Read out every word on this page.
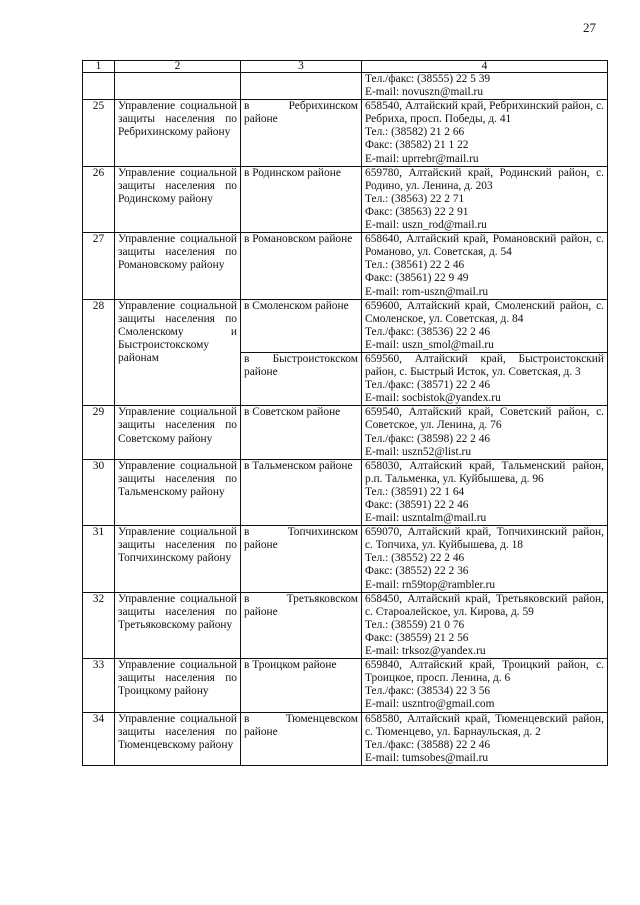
27
1	2	3	4

			Тел./факс: (38555) 22 5 39
E-mail: novuszn@mail.ru

25	Управление социальной защиты населения по Ребрихинскому району	в Ребрихинском районе	658540, Алтайский край, Ребрихинский район, с. Ребриха, просп. Победы, д. 41
Тел.: (38582) 21 2 66
Факс: (38582) 21 1 22
E-mail: uprrebr@mail.ru

26	Управление социальной защиты населения по Родинскому району	в Родинском районе	659780, Алтайский край, Родинский район, с. Родино, ул. Ленина, д. 203
Тел.: (38563) 22 2 71
Факс: (38563) 22 2 91
E-mail: uszn_rod@mail.ru

27	Управление социальной защиты населения по Романовскому району	в Романовском районе	658640, Алтайский край, Романовский район, с. Романово, ул. Советская, д. 54
Тел.: (38561) 22 2 46
Факс: (38561) 22 9 49
E-mail: rom-uszn@mail.ru

28	Управление социальной защиты населения по Смоленскому и Быстроистокскому районам	в Смоленском районе	659600, Алтайский край, Смоленский район, с. Смоленское, ул. Советская, д. 84
Тел./факс: (38536) 22 2 46
E-mail: uszn_smol@mail.ru

		в Быстроистокском районе	659560, Алтайский край, Быстроистокский район, с. Быстрый Исток, ул. Советская, д. 3
Тел./факс: (38571) 22 2 46
E-mail: socbistok@yandex.ru

29	Управление социальной защиты населения по Советскому району	в Советском районе	659540, Алтайский край, Советский район, с. Советское, ул. Ленина, д. 76
Тел./факс: (38598) 22 2 46
E-mail: uszn52@list.ru

30	Управление социальной защиты населения по Тальменскому району	в Тальменском районе	658030, Алтайский край, Тальменский район, р.п. Тальменка, ул. Куйбышева, д. 96
Тел.: (38591) 22 1 64
Факс: (38591) 22 2 46
E-mail: uszntalm@mail.ru

31	Управление социальной защиты населения по Топчихинскому району	в Топчихинском районе	659070, Алтайский край, Топчихинский район, с. Топчиха, ул. Куйбышева, д. 18
Тел.: (38552) 22 2 46
Факс: (38552) 22 2 36
E-mail: rn59top@rambler.ru

32	Управление социальной защиты населения по Третьяковскому району	в Третьяковском районе	658450, Алтайский край, Третьяковский район, с. Староалейское, ул. Кирова, д. 59
Тел.: (38559) 21 0 76
Факс: (38559) 21 2 56
E-mail: trksoz@yandex.ru

33	Управление социальной защиты населения по Троицкому району	в Троицком районе	659840, Алтайский край, Троицкий район, с. Троицкое, просп. Ленина, д. 6
Тел./факс: (38534) 22 3 56
E-mail: uszntro@gmail.com

34	Управление социальной защиты населения по Тюменцевскому району	в Тюменцевском районе	658580, Алтайский край, Тюменцевский район, с. Тюменцево, ул. Барнаульская, д. 2
Тел./факс: (38588) 22 2 46
E-mail: tumsobes@mail.ru
